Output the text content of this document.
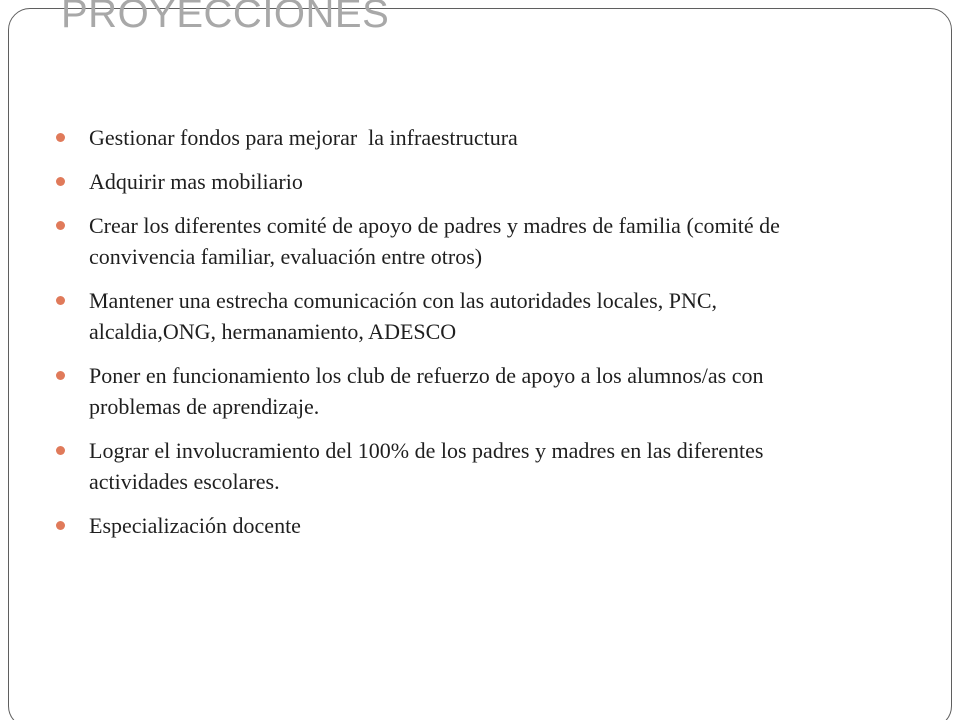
PROYECCIONES
Gestionar fondos para mejorar  la infraestructura
Adquirir mas mobiliario
Crear los diferentes comité de apoyo de padres y madres de familia (comité de convivencia familiar, evaluación entre otros)
Mantener una estrecha comunicación con las autoridades locales, PNC, alcaldia,ONG, hermanamiento, ADESCO
Poner en funcionamiento los club de refuerzo de apoyo a los alumnos/as con problemas de aprendizaje.
Lograr el involucramiento del 100% de los padres y madres en las diferentes actividades escolares.
Especialización docente
